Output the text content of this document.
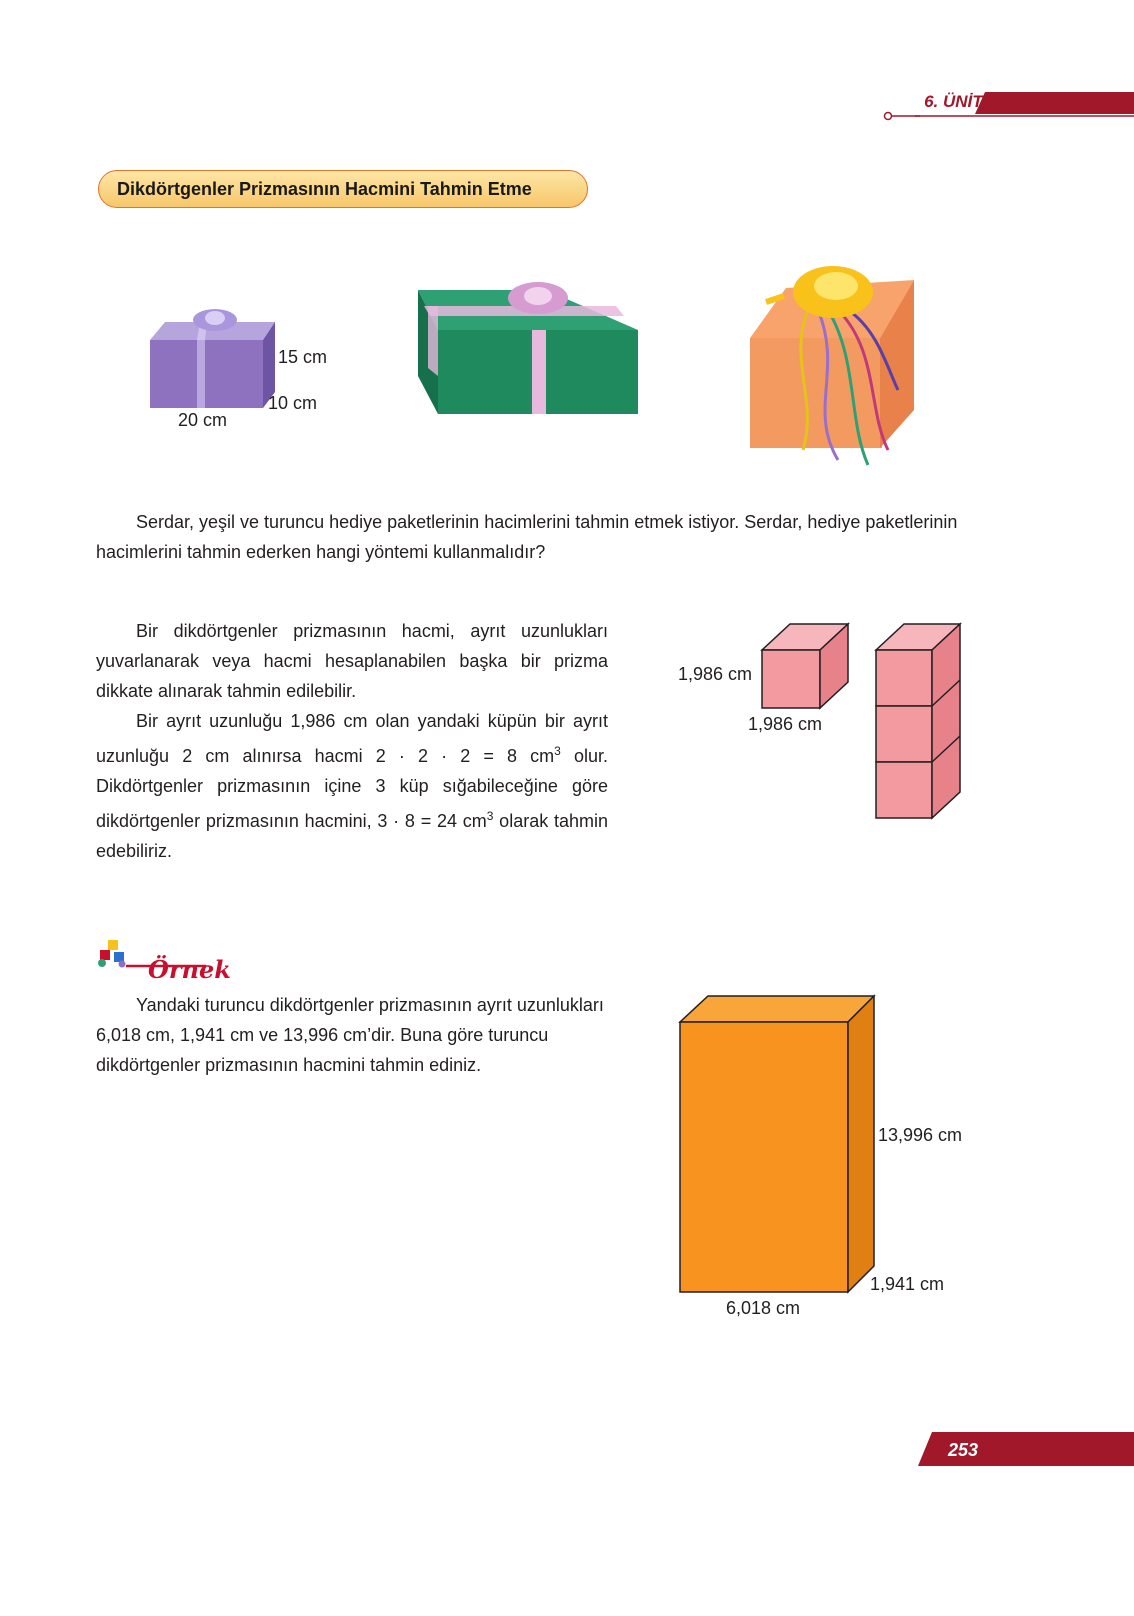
6. ÜNİTE
Dikdörtgenler Prizmasının Hacmini Tahmin Etme
15 cm
10 cm
20 cm

Serdar, yeşil ve turuncu hediye paketlerinin hacimlerini tahmin etmek istiyor. Serdar, hediye paketlerinin hacimlerini tahmin ederken hangi yöntemi kullanmalıdır?

Bir dikdörtgenler prizmasının hacmi, ayrıt uzunlukları yuvarlanarak veya hacmi hesaplanabilen başka bir prizma dikkate alınarak tahmin edilebilir.

Bir ayrıt uzunluğu 1,986 cm olan yandaki küpün bir ayrıt uzunluğu 2 cm alınırsa hacmi 2 · 2 · 2 = 8 $cm^3$ olur. Dikdörtgenler prizmasının içine 3 küp sığabileceğine göre dikdörtgenler prizmasının hacmini, 3 · 8 = 24 $cm^3$ olarak tahmin edebiliriz.

1,986 cm
1,986 cm
Örnek

Yandaki turuncu dikdörtgenler prizmasının ayrıt uzunlukları 6,018 cm, 1,941 cm ve 13,996 cm’dir. Buna göre turuncu dikdörtgenler prizmasının hacmini tahmin ediniz.

13,996 cm
1,941 cm
6,018 cm
253
